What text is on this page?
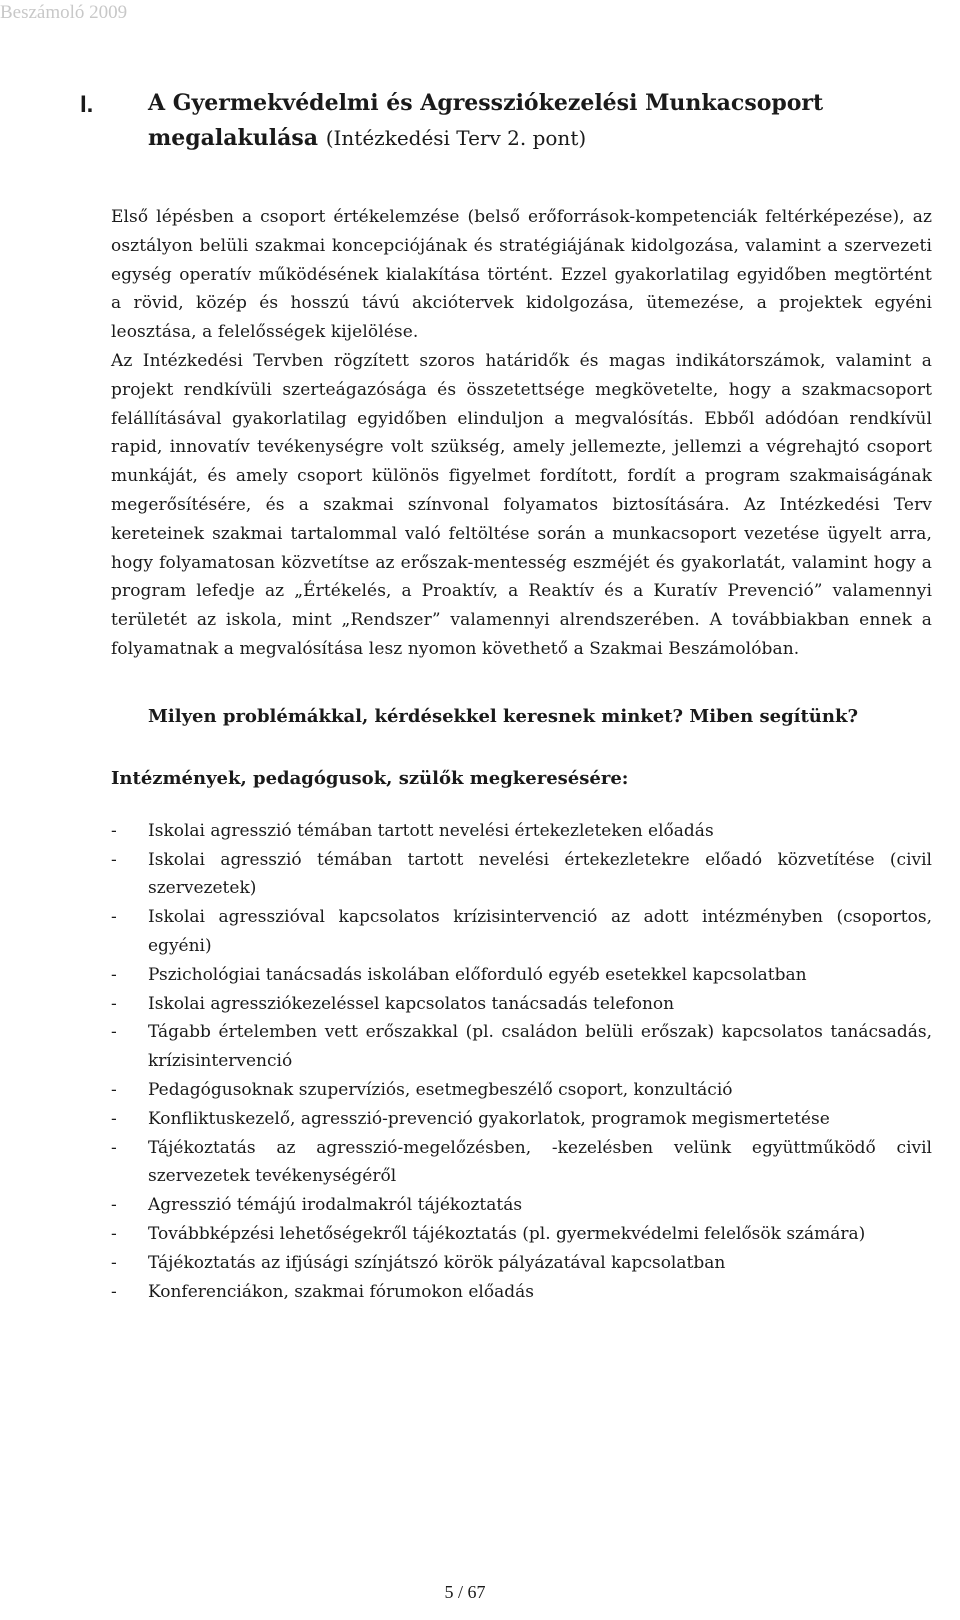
Beszámoló 2009
I.	A Gyermekvédelmi és Agressziókezelési Munkacsoport megalakulása (Intézkedési Terv 2. pont)

Első lépésben a csoport értékelemzése (belső erőforrások-kompetenciák feltérképezése), az osztályon belüli szakmai koncepciójának és stratégiájának kidolgozása, valamint a szervezeti egység operatív működésének kialakítása történt. Ezzel gyakorlatilag egyidőben megtörtént a rövid, közép és hosszú távú akciótervek kidolgozása, ütemezése, a projektek egyéni leosztása, a felelősségek kijelölése.

Az Intézkedési Tervben rögzített szoros határidők és magas indikátorszámok, valamint a projekt rendkívüli szerteágazósága és összetettsége megkövetelte, hogy a szakmacsoport felállításával gyakorlatilag egyidőben elinduljon a megvalósítás. Ebből adódóan rendkívül rapid, innovatív tevékenységre volt szükség, amely jellemezte, jellemzi a végrehajtó csoport munkáját, és amely csoport különös figyelmet fordított, fordít a program szakmaiságának megerősítésére, és a szakmai színvonal folyamatos biztosítására. Az Intézkedési Terv kereteinek szakmai tartalommal való feltöltése során a munkacsoport vezetése ügyelt arra, hogy folyamatosan közvetítse az erőszak-mentesség eszméjét és gyakorlatát, valamint hogy a program lefedje az „Értékelés, a Proaktív, a Reaktív és a Kuratív Prevenció” valamennyi területét az iskola, mint „Rendszer” valamennyi alrendszerében. A továbbiakban ennek a folyamatnak a megvalósítása lesz nyomon követhető a Szakmai Beszámolóban.

Milyen problémákkal, kérdésekkel keresnek minket? Miben segítünk?
Intézmények, pedagógusok, szülők megkeresésére:
-	Iskolai agresszió témában tartott nevelési értekezleteken előadás
-	Iskolai agresszió témában tartott nevelési értekezletekre előadó közvetítése (civil szervezetek)
-	Iskolai agresszióval kapcsolatos krízisintervenció az adott intézményben (csoportos, egyéni)
-	Pszichológiai tanácsadás iskolában előforduló egyéb esetekkel kapcsolatban
-	Iskolai agressziókezeléssel kapcsolatos tanácsadás telefonon
-	Tágabb értelemben vett erőszakkal (pl. családon belüli erőszak) kapcsolatos tanácsadás, krízisintervenció
-	Pedagógusoknak szupervíziós, esetmegbeszélő csoport, konzultáció
-	Konfliktuskezelő, agresszió-prevenció gyakorlatok, programok megismertetése
-	Tájékoztatás az agresszió-megelőzésben, -kezelésben velünk együttműködő civil szervezetek tevékenységéről
-	Agresszió témájú irodalmakról tájékoztatás
-	Továbbképzési lehetőségekről tájékoztatás (pl. gyermekvédelmi felelősök számára)
-	Tájékoztatás az ifjúsági színjátszó körök pályázatával kapcsolatban
-	Konferenciákon, szakmai fórumokon előadás
5 / 67
